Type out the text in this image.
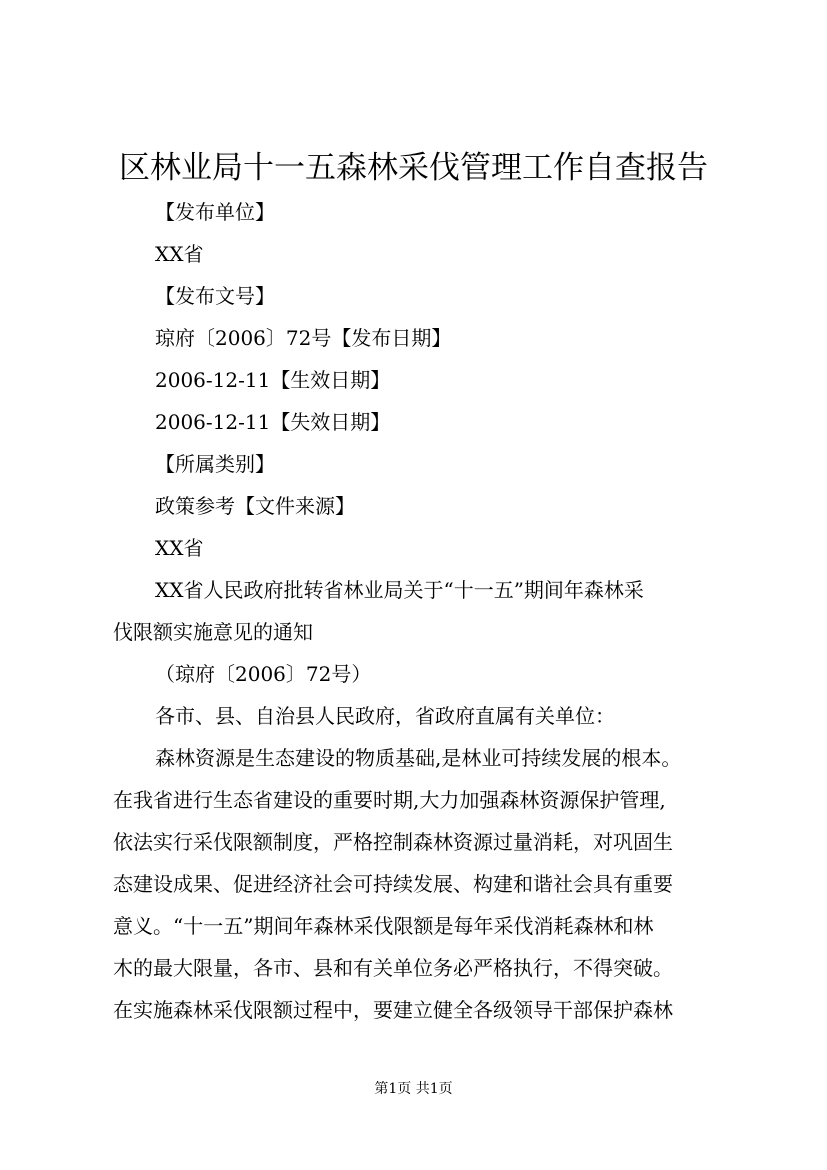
区林业局十一五森林采伐管理工作自查报告

【发布单位】

XX省

【发布文号】

琼府〔2006〕72号【发布日期】

2006-12-11【生效日期】

2006-12-11【失效日期】

【所属类别】

政策参考【文件来源】

XX省

XX省人民政府批转省林业局关于“十一五”期间年森林采

伐限额实施意见的通知

（琼府〔2006〕72号）

各市、县、自治县人民政府，省政府直属有关单位：

森林资源是生态建设的物质基础,是林业可持续发展的根本。

在我省进行生态省建设的重要时期,大力加强森林资源保护管理,

依法实行采伐限额制度，严格控制森林资源过量消耗，对巩固生

态建设成果、促进经济社会可持续发展、构建和谐社会具有重要

意义。“十一五”期间年森林采伐限额是每年采伐消耗森林和林

木的最大限量，各市、县和有关单位务必严格执行，不得突破。

在实施森林采伐限额过程中，要建立健全各级领导干部保护森林

第1页 共1页
